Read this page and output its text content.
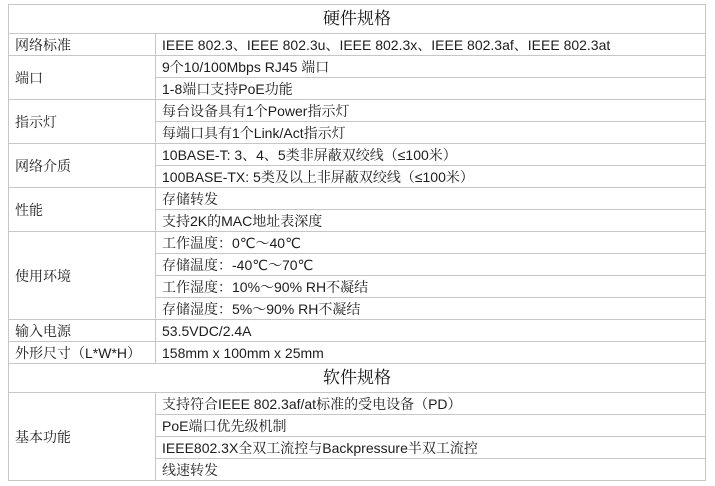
硬件规格	
网络标准	IEEE 802.3、IEEE 802.3u、IEEE 802.3x、IEEE 802.3af、IEEE 802.3at
端口	9个10/100Mbps RJ45 端口
	1-8端口支持PoE功能
指示灯	每台设备具有1个Power指示灯
	每端口具有1个Link/Act指示灯
网络介质	10BASE-T: 3、4、5类非屏蔽双绞线（≤100米）
	100BASE-TX: 5类及以上非屏蔽双绞线（≤100米）
性能	存储转发
	支持2K的MAC地址表深度
使用环境	工作温度：0℃～40℃
	存储温度：-40℃～70℃
	工作湿度：10%～90% RH不凝结
	存储湿度：5%～90% RH不凝结
输入电源	53.5VDC/2.4A
外形尺寸（L*W*H）	158mm x 100mm x 25mm
软件规格	
基本功能	支持符合IEEE 802.3af/at标准的受电设备（PD）
	PoE端口优先级机制
	IEEE802.3X全双工流控与Backpressure半双工流控
	线速转发
